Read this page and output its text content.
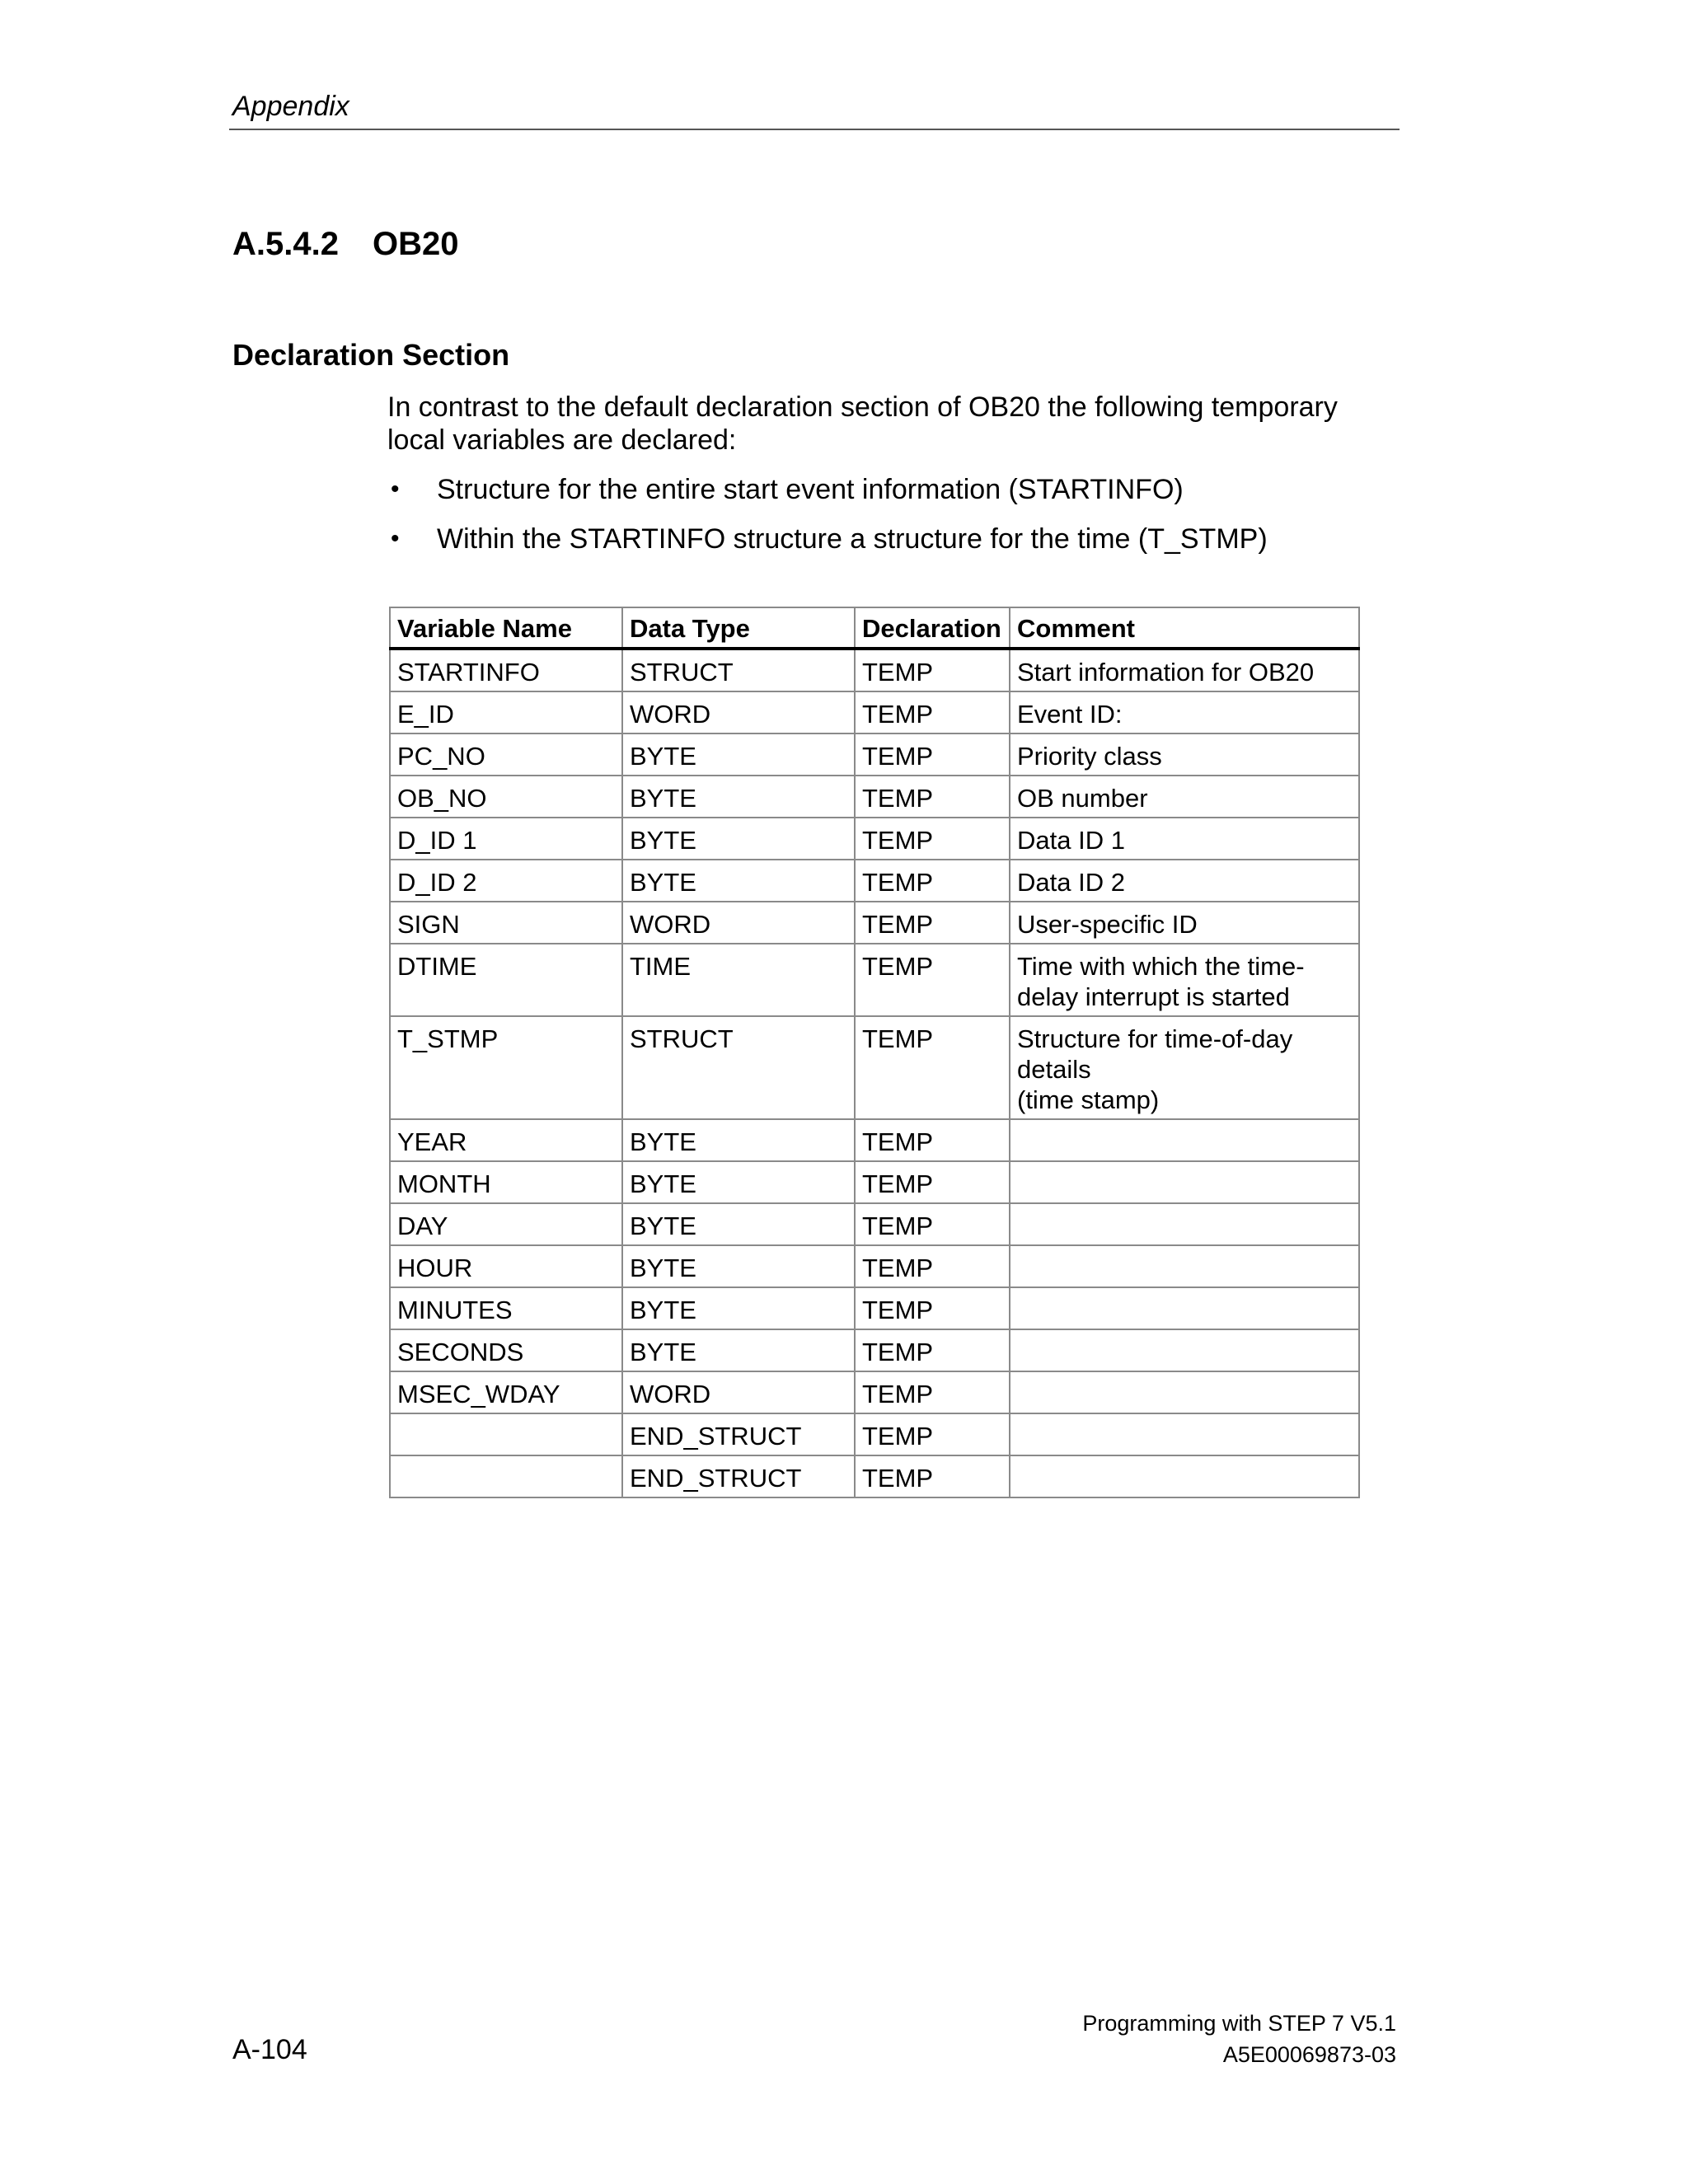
Appendix
A.5.4.2 OB20
Declaration Section
In contrast to the default declaration section of OB20 the following temporary local variables are declared:
• Structure for the entire start event information (STARTINFO)
• Within the STARTINFO structure a structure for the time (T_STMP)
Variable Name	Data Type	Declaration	Comment
STARTINFO	STRUCT	TEMP	Start information for OB20
E_ID	WORD	TEMP	Event ID:
PC_NO	BYTE	TEMP	Priority class
OB_NO	BYTE	TEMP	OB number
D_ID 1	BYTE	TEMP	Data ID 1
D_ID 2	BYTE	TEMP	Data ID 2
SIGN	WORD	TEMP	User-specific ID
DTIME	TIME	TEMP	Time with which the time-delay interrupt is started
T_STMP	STRUCT	TEMP	Structure for time-of-day details
(time stamp)
YEAR	BYTE	TEMP	
MONTH	BYTE	TEMP	
DAY	BYTE	TEMP	
HOUR	BYTE	TEMP	
MINUTES	BYTE	TEMP	
SECONDS	BYTE	TEMP	
MSEC_WDAY	WORD	TEMP	
	END_STRUCT	TEMP	
	END_STRUCT	TEMP	
Programming with STEP 7 V5.1
A5E00069873-03
A-104
